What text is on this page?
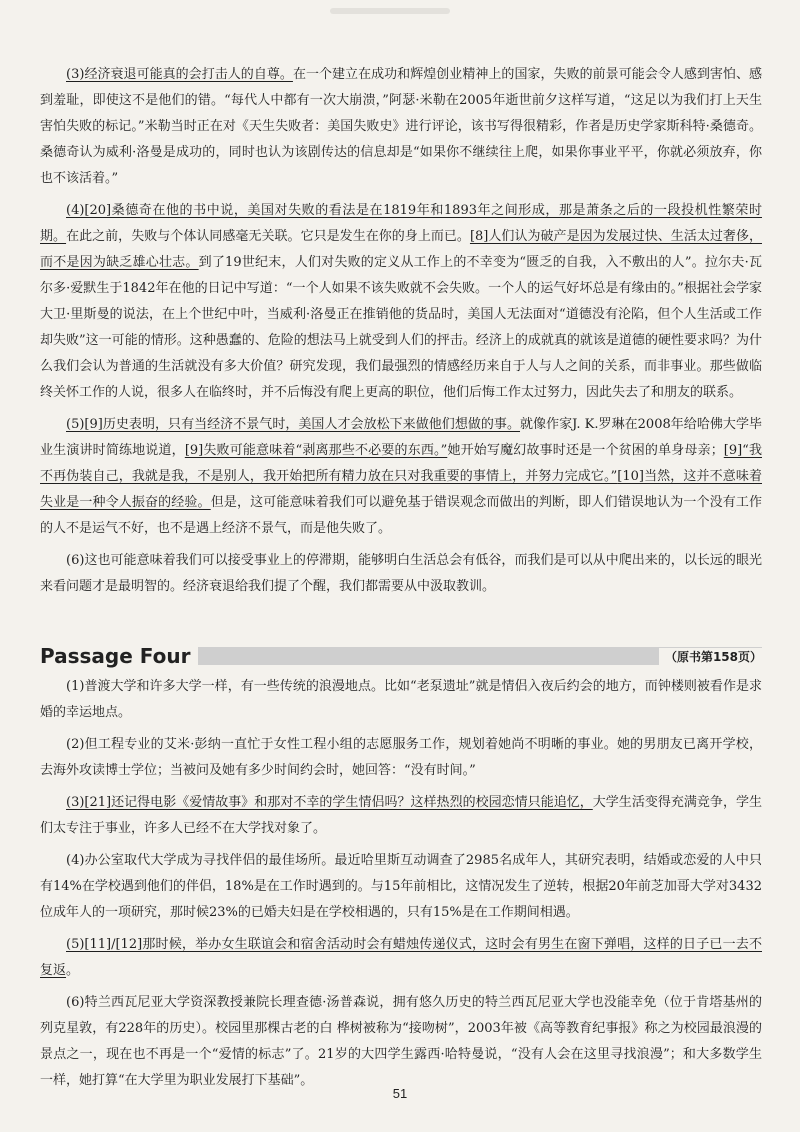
(3)经济衰退可能真的会打击人的自尊。在一个建立在成功和辉煌创业精神上的国家，失败的前景可能会令人感到害怕、感到羞耻，即使这不是他们的错。“每代人中都有一次大崩溃，”阿瑟·米勒在2005年逝世前夕这样写道，“这足以为我们打上天生害怕失败的标记。”米勒当时正在对《天生失败者：美国失败史》进行评论，该书写得很精彩，作者是历史学家斯科特·桑德奇。桑德奇认为威利·洛曼是成功的，同时也认为该剧传达的信息却是“如果你不继续往上爬，如果你事业平平，你就必须放弃，你也不该活着。”

(4)[20]桑德奇在他的书中说，美国对失败的看法是在1819年和1893年之间形成，那是萧条之后的一段投机性繁荣时期。在此之前，失败与个体认同感毫无关联。它只是发生在你的身上而已。[8]人们认为破产是因为发展过快、生活太过奢侈，而不是因为缺乏雄心壮志。到了19世纪末，人们对失败的定义从工作上的不幸变为“匮乏的自我，入不敷出的人”。拉尔夫·瓦尔多·爱默生于1842年在他的日记中写道：“一个人如果不该失败就不会失败。一个人的运气好坏总是有缘由的。”根据社会学家大卫·里斯曼的说法，在上个世纪中叶，当威利·洛曼正在推销他的货品时，美国人无法面对“道德没有沦陷，但个人生活或工作却失败”这一可能的情形。这种愚蠢的、危险的想法马上就受到人们的抨击。经济上的成就真的就该是道德的硬性要求吗？为什么我们会认为普通的生活就没有多大价值？研究发现，我们最强烈的情感经历来自于人与人之间的关系，而非事业。那些做临终关怀工作的人说，很多人在临终时，并不后悔没有爬上更高的职位，他们后悔工作太过努力，因此失去了和朋友的联系。

(5)[9]历史表明，只有当经济不景气时，美国人才会放松下来做他们想做的事。就像作家J. K.罗琳在2008年给哈佛大学毕业生演讲时简练地说道，[9]失败可能意味着“剥离那些不必要的东西。”她开始写魔幻故事时还是一个贫困的单身母亲；[9]“我不再伪装自己，我就是我，不是别人，我开始把所有精力放在只对我重要的事情上，并努力完成它。”[10]当然，这并不意味着失业是一种令人振奋的经验。但是，这可能意味着我们可以避免基于错误观念而做出的判断，即人们错误地认为一个没有工作的人不是运气不好，也不是遇上经济不景气，而是他失败了。

(6)这也可能意味着我们可以接受事业上的停滞期，能够明白生活总会有低谷，而我们是可以从中爬出来的，以长远的眼光来看问题才是最明智的。经济衰退给我们提了个醒，我们都需要从中汲取教训。

Passage Four	（原书第158页）

(1)普渡大学和许多大学一样，有一些传统的浪漫地点。比如“老泵遗址”就是情侣入夜后约会的地方，而钟楼则被看作是求婚的幸运地点。

(2)但工程专业的艾米·彭纳一直忙于女性工程小组的志愿服务工作，规划着她尚不明晰的事业。她的男朋友已离开学校，去海外攻读博士学位；当被问及她有多少时间约会时，她回答：“没有时间。”

(3)[21]还记得电影《爱情故事》和那对不幸的学生情侣吗？这样热烈的校园恋情只能追忆，大学生活变得充满竞争，学生们太专注于事业，许多人已经不在大学找对象了。

(4)办公室取代大学成为寻找伴侣的最佳场所。最近哈里斯互动调查了2985名成年人，其研究表明，结婚或恋爱的人中只有14%在学校遇到他们的伴侣，18%是在工作时遇到的。与15年前相比，这情况发生了逆转，根据20年前芝加哥大学对3432位成年人的一项研究，那时候23%的已婚夫妇是在学校相遇的，只有15%是在工作期间相遇。

(5)[11]/[12]那时候，举办女生联谊会和宿舍活动时会有蜡烛传递仪式，这时会有男生在窗下弹唱，这样的日子已一去不复返。

(6)特兰西瓦尼亚大学资深教授兼院长理查德·汤普森说，拥有悠久历史的特兰西瓦尼亚大学也没能幸免（位于肯塔基州的列克星敦，有228年的历史）。校园里那棵古老的白 桦树被称为“接吻树”，2003年被《高等教育纪事报》称之为校园最浪漫的景点之一，现在也不再是一个“爱情的标志”了。21岁的大四学生露西·哈特曼说，“没有人会在这里寻找浪漫”；和大多数学生一样，她打算“在大学里为职业发展打下基础”。

51
